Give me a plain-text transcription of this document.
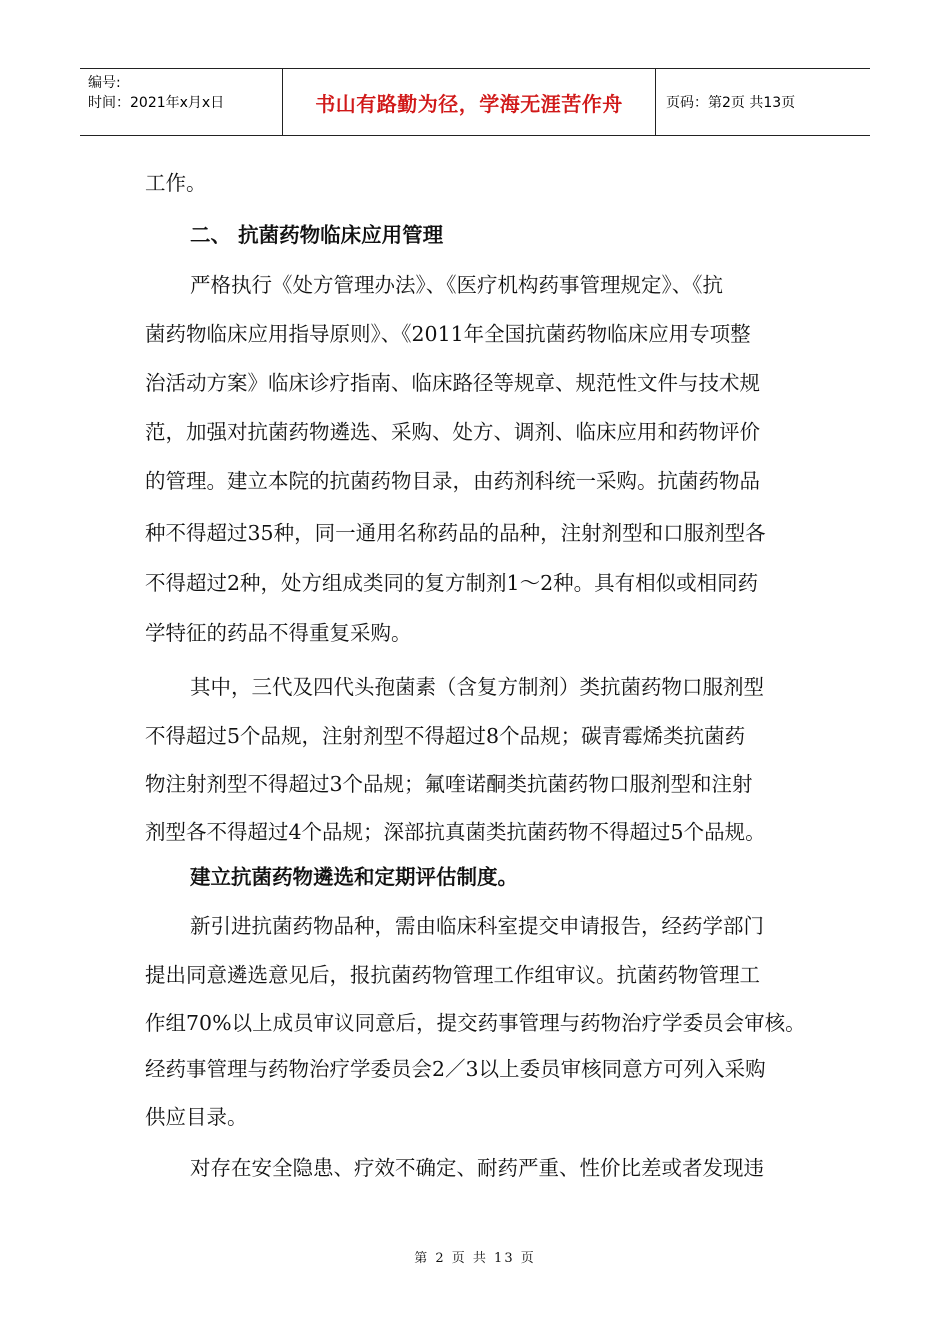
编号:
时间：2021年x月x日	书山有路勤为径，学海无涯苦作舟	页码：第2页 共13页
工作。
二、 抗菌药物临床应用管理
严格执行《处方管理办法》、《医疗机构药事管理规定》、《抗
菌药物临床应用指导原则》、《2011年全国抗菌药物临床应用专项整
治活动方案》临床诊疗指南、临床路径等规章、规范性文件与技术规
范，加强对抗菌药物遴选、采购、处方、调剂、临床应用和药物评价
的管理。建立本院的抗菌药物目录，由药剂科统一采购。抗菌药物品
种不得超过35种，同一通用名称药品的品种，注射剂型和口服剂型各
不得超过2种，处方组成类同的复方制剂1～2种。具有相似或相同药
学特征的药品不得重复采购。
其中，三代及四代头孢菌素（含复方制剂）类抗菌药物口服剂型
不得超过5个品规，注射剂型不得超过8个品规；碳青霉烯类抗菌药
物注射剂型不得超过3个品规；氟喹诺酮类抗菌药物口服剂型和注射
剂型各不得超过4个品规；深部抗真菌类抗菌药物不得超过5个品规。
建立抗菌药物遴选和定期评估制度。
新引进抗菌药物品种，需由临床科室提交申请报告，经药学部门
提出同意遴选意见后，报抗菌药物管理工作组审议。抗菌药物管理工
作组70%以上成员审议同意后，提交药事管理与药物治疗学委员会审核。
经药事管理与药物治疗学委员会2／3以上委员审核同意方可列入采购
供应目录。
对存在安全隐患、疗效不确定、耐药严重、性价比差或者发现违
第 2 页 共 13 页
